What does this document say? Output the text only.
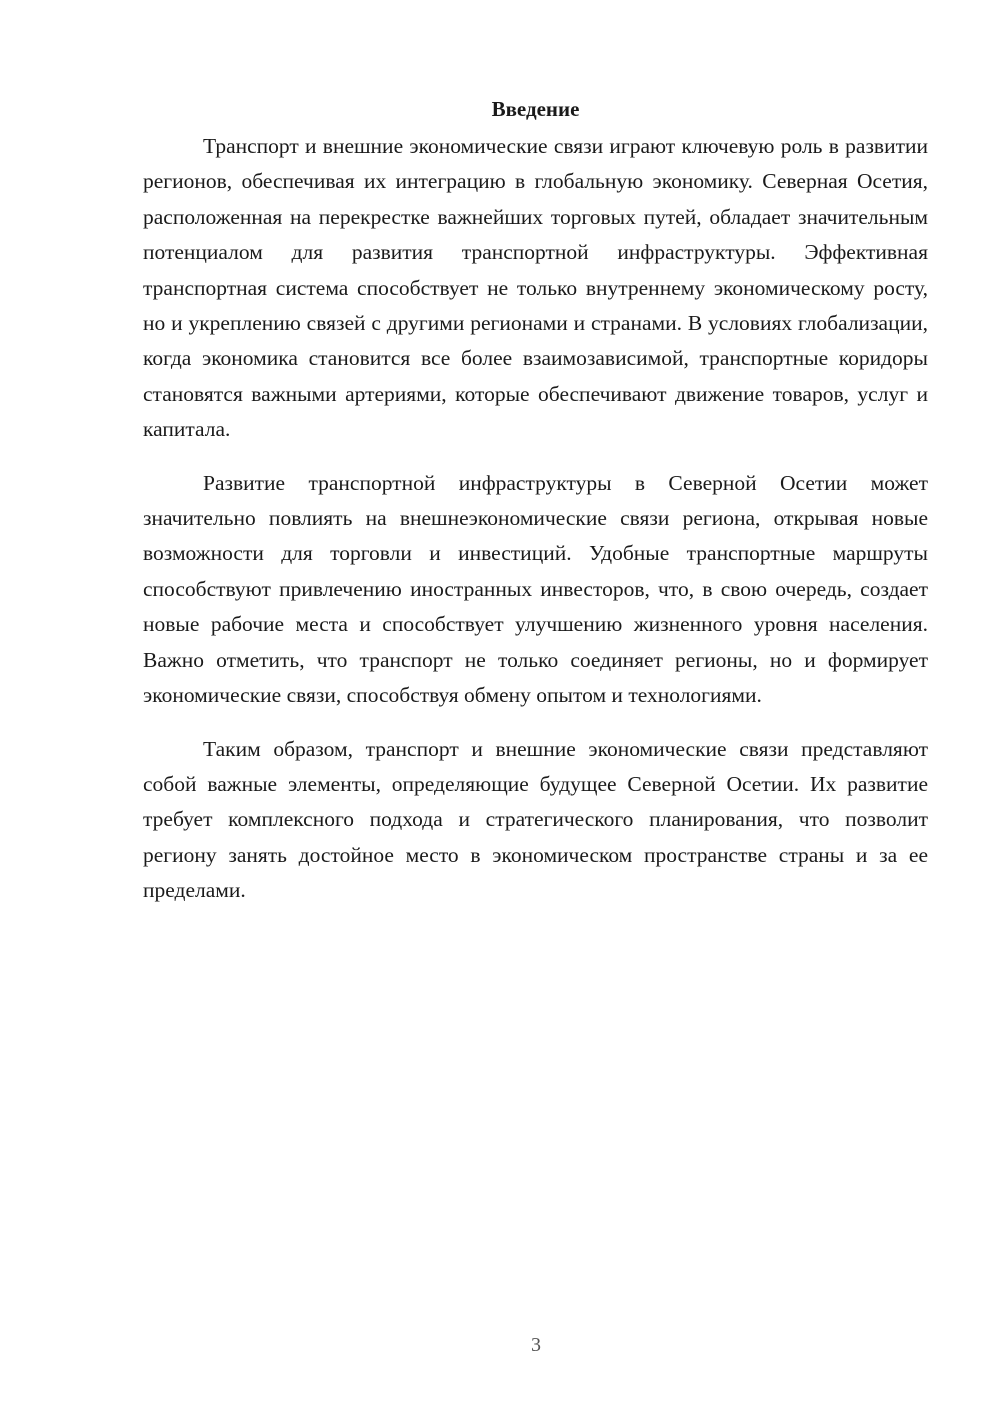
Введение

Транспорт и внешние экономические связи играют ключевую роль в развитии регионов, обеспечивая их интеграцию в глобальную экономику. Северная Осетия, расположенная на перекрестке важнейших торговых путей, обладает значительным потенциалом для развития транспортной инфраструктуры. Эффективная транспортная система способствует не только внутреннему экономическому росту, но и укреплению связей с другими регионами и странами. В условиях глобализации, когда экономика становится все более взаимозависимой, транспортные коридоры становятся важными артериями, которые обеспечивают движение товаров, услуг и капитала.

Развитие транспортной инфраструктуры в Северной Осетии может значительно повлиять на внешнеэкономические связи региона, открывая новые возможности для торговли и инвестиций. Удобные транспортные маршруты способствуют привлечению иностранных инвесторов, что, в свою очередь, создает новые рабочие места и способствует улучшению жизненного уровня населения. Важно отметить, что транспорт не только соединяет регионы, но и формирует экономические связи, способствуя обмену опытом и технологиями.

Таким образом, транспорт и внешние экономические связи представляют собой важные элементы, определяющие будущее Северной Осетии. Их развитие требует комплексного подхода и стратегического планирования, что позволит региону занять достойное место в экономическом пространстве страны и за ее пределами.

3
